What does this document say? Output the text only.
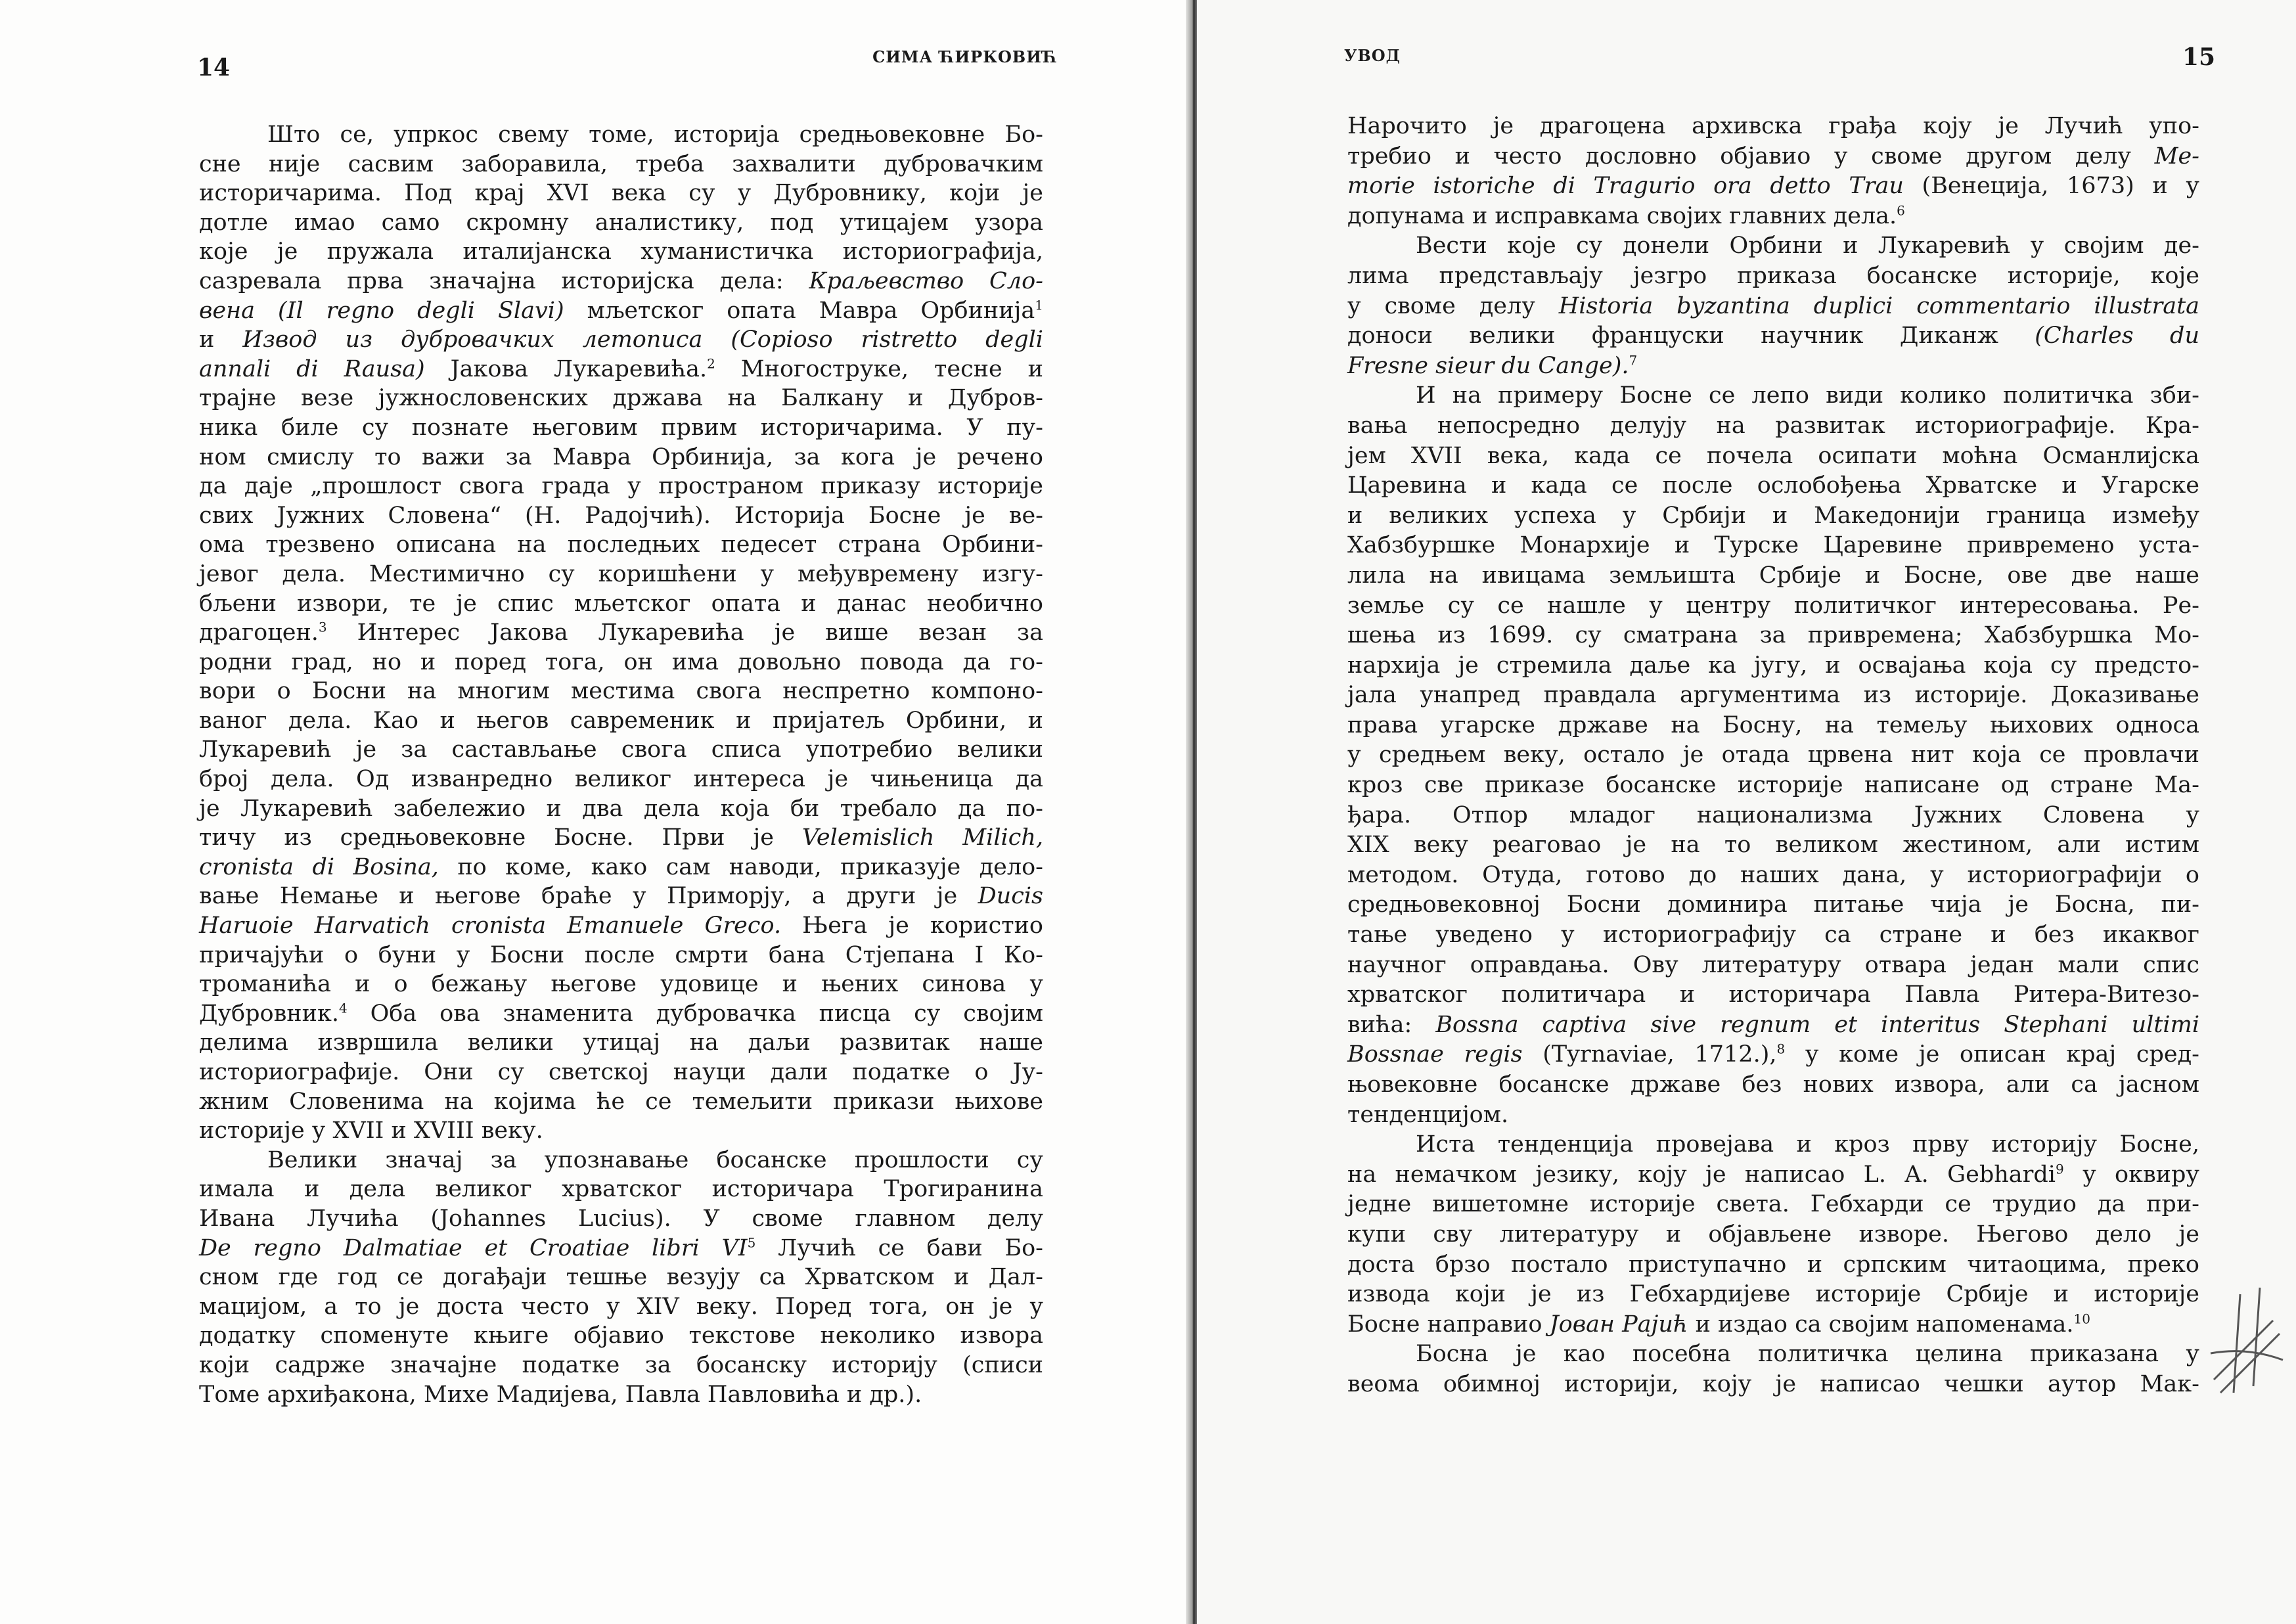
14	СИМА ЋИРКОВИЋ
Што се, упркос свему томе, историја средњовековне Бо-
сне није сасвим заборавила, треба захвалити дубровачким
историчарима. Под крај XVI века су у Дубровнику, који је
дотле имао само скромну аналистику, под утицајем узора
које је пружала италијанска хуманистичка историографија,
сазревала прва значајна историјска дела: Краљевство Сло-
вена (Il regno degli Slavi) мљетског опата Мавра Орбинија$^1$
и Извод из дубровачких летописа (Copioso ristretto degli
annali di Rausa) Јакова Лукаревића.$^2$ Многоструке, тесне и
трајне везе јужнословенских држава на Балкану и Дубров-
ника биле су познате његовим првим историчарима. У пу-
ном смислу то важи за Мавра Орбинија, за кога је речено
да даје „прошлост свога града у пространом приказу историје
свих Јужних Словена“ (Н. Радојчић). Историја Босне је ве-
ома трезвено описана на последњих педесет страна Орбини-
јевог дела. Местимично су коришћени у међувремену изгу-
бљени извори, те је спис мљетског опата и данас необично
драгоцен.$^3$ Интерес Јакова Лукаревића је више везан за
родни град, но и поред тога, он има довољно повода да го-
вори о Босни на многим местима свога неспретно компоно-
ваног дела. Као и његов савременик и пријатељ Орбини, и
Лукаревић је за састављање свога списа употребио велики
број дела. Од изванредно великог интереса је чињеница да
је Лукаревић забележио и два дела која би требало да по-
тичу из средњовековне Босне. Први је Velemislich Milich,
cronista di Bosina, по коме, како сам наводи, приказује дело-
вање Немање и његове браће у Приморју, а други је Ducis
Haruoie Harvatich cronista Emanuele Greco. Њега је користио
причајући о буни у Босни после смрти бана Стјепана I Ко-
троманића и о бежању његове удовице и њених синова у
Дубровник.$^4$ Оба ова знаменита дубровачка писца су својим
делима извршила велики утицај на даљи развитак наше
историографије. Они су светској науци дали податке о Ју-
жним Словенима на којима ће се темељити прикази њихове
историје у XVII и XVIII веку.
Велики значај за упознавање босанске прошлости су
имала и дела великог хрватског историчара Трогиранина
Ивана Лучића (Johannes Lucius). У своме главном делу
De regno Dalmatiae et Croatiae libri $VI^5$ Лучић се бави Бо-
сном где год се догађаји тешње везују са Хрватском и Дал-
мацијом, а то је доста често у XIV веку. Поред тога, он је у
додатку споменуте књиге објавио текстове неколико извора
који садрже значајне податке за босанску историју (списи
Томе архиђакона, Михе Мадијева, Павла Павловића и др.).
УВОД	15
Нарочито је драгоцена архивска грађа коју је Лучић упо-
требио и често дословно објавио у своме другом делу Ме-
morie istoriche di Tragurio ora detto Trau (Венеција, 1673) и у
допунама и исправкама својих главних дела.$^6$
Вести које су донели Орбини и Лукаревић у својим де-
лима представљају језгро приказа босанске историје, које
у своме делу Historia byzantina duplici commentario illustrata
доноси велики француски научник Диканж (Charles du
Fresne sieur du Cange).$^7$
И на примеру Босне се лепо види колико политичка зби-
вања непосредно делују на развитак историографије. Кра-
јем XVII века, када се почела осипати моћна Османлијска
Царевина и када се после ослобођења Хрватске и Угарске
и великих успеха у Србији и Македонији граница између
Хабзбуршке Монархије и Турске Царевине привремено уста-
лила на ивицама земљишта Србије и Босне, ове две наше
земље су се нашле у центру политичког интересовања. Ре-
шења из 1699. су сматрана за привремена; Хабзбуршка Мо-
нархија је стремила даље ка југу, и освајања која су предсто-
јала унапред правдала аргументима из историје. Доказивање
права угарске државе на Босну, на темељу њихових односа
у средњем веку, остало је отада црвена нит која се провлачи
кроз све приказе босанске историје написане од стране Ма-
ђара. Отпор младог национализма Јужних Словена у
XIX веку реаговао је на то великом жестином, али истим
методом. Отуда, готово до наших дана, у историографији о
средњовековној Босни доминира питање чија је Босна, пи-
тање уведено у историографију са стране и без икаквог
научног оправдања. Ову литературу отвара један мали спис
хрватског политичара и историчара Павла Ритера-Витезо-
вића: Bossna captiva sive regnum et interitus Stephani ultimi
Bossnae regis (Tyrnaviae, 1712.),$^8$ у коме је описан крај сред-
њовековне босанске државе без нових извора, али са јасном
тенденцијом.
Иста тенденција провејава и кроз прву историју Босне,
на немачком језику, коју је написао L. A. Gebhardi$^9$ у оквиру
једне вишетомне историје света. Гебхарди се трудио да при-
купи сву литературу и објављене изворе. Његово дело је
доста брзо постало приступачно и српским читаоцима, преко
извода који је из Гебхардијеве историје Србије и историје
Босне направио Јован Рајић и издао са својим напоменама.$^{10}$
Босна је као посебна политичка целина приказана у
веома обимној историји, коју је написао чешки аутор Мак-
